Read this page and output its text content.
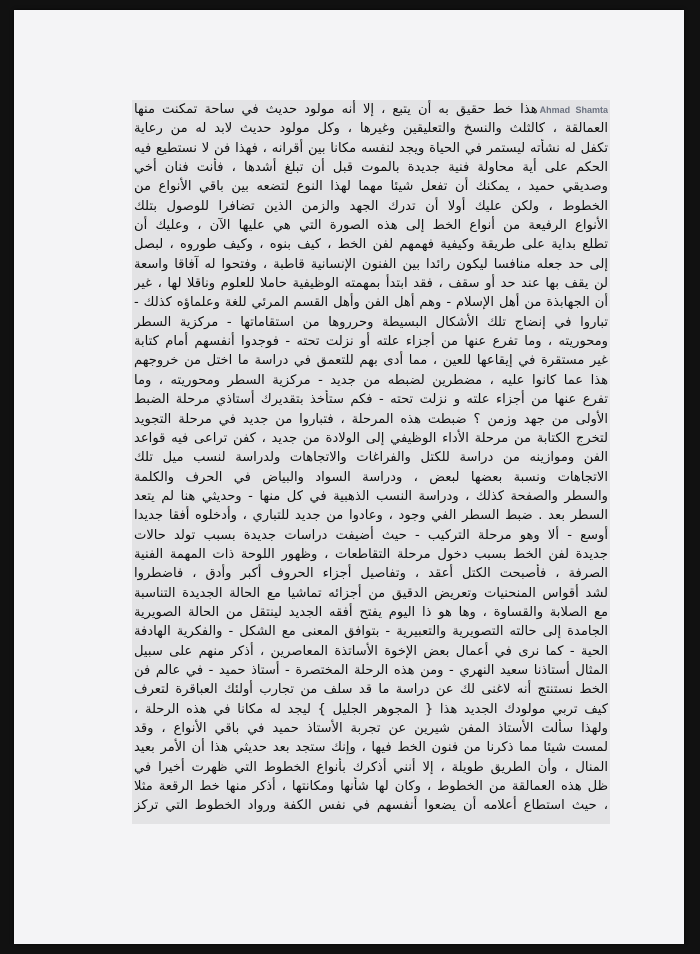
Ahmad Shamtaهذا خط حقيق به أن يتبع ، إلا أنه مولود حديث في ساحة تمكنت منها
العمالقة ، كالثلث والنسخ والتعليقين وغيرها ، وكل مولود حديث لابد له من رعاية
تكفل له نشأته ليستمر في الحياة ويجد لنفسه مكانا بين أقرانه ، فهذا فن لا نستطيع فيه
الحكم على أية محاولة فنية جديدة بالموت قبل أن تبلغ أشدها ، فأنت فنان أخي
وصديقي حميد ، يمكنك أن تفعل شيئا مهما لهذا النوع لتضعه بين باقي الأنواع من
الخطوط ، ولكن عليك أولا أن تدرك الجهد والزمن الذين تضافرا للوصول بتلك
الأنواع الرفيعة من أنواع الخط إلى هذه الصورة التي هي عليها الآن ، وعليك أن
تطلع بداية على طريقة وكيفية فهمهم لفن الخط ، كيف بنوه ، وكيف طوروه ، لبصل
إلى حد جعله منافسا ليكون رائدا بين الفنون الإنسانية قاطبة ، وفتحوا له آفاقا واسعة
لن يقف بها عند حد أو سقف ، فقد ابتدأ بمهمته الوظيفية حاملا للعلوم وناقلا لها ، غير
أن الجهابذة من أهل الإسلام - وهم أهل الفن وأهل القسم المرئي للغة وعلماؤه كذلك -
تباروا في إنضاج تلك الأشكال البسيطة وحرروها من استقاماتها - مركزية السطر
ومحوريته ، وما تفرع عنها من أجزاء علته أو نزلت تحته - فوجدوا أنفسهم أمام كتابة
غير مستقرة في إيقاعها للعين ، مما أدى بهم للتعمق في دراسة ما اختل من خروجهم
هذا عما كانوا عليه ، مضطرين لضبطه من جديد - مركزية السطر ومحوريته ، وما
تفرع عنها من أجزاء علته و نزلت تحته - فكم ستأخذ بتقديرك أستاذي مرحلة الضبط
الأولى من جهد وزمن ؟ ضبطت هذه المرحلة ، فتباروا من جديد في مرحلة التجويد
لتخرج الكتابة من مرحلة الأداء الوظيفي إلى الولادة من جديد ، كفن تراعى فيه قواعد
الفن وموازينه من دراسة للكتل والفراغات والاتجاهات ولدراسة لنسب ميل تلك
الاتجاهات ونسبة بعضها لبعض ، ودراسة السواد والبياض في الحرف والكلمة
والسطر والصفحة كذلك ، ودراسة النسب الذهبية في كل منها - وحديثي هنا لم يتعد
السطر بعد . ضبط السطر الفي وجود ، وعادوا من جديد للتباري ، وأدخلوه أفقا جديدا
أوسع - ألا وهو مرحلة التركيب - حيث أضيفت دراسات جديدة بسبب تولد حالات
جديدة لفن الخط بسبب دخول مرحلة التقاطعات ، وظهور اللوحة ذات المهمة الفنية
الصرفة ، فأصبحت الكتل أعقد ، وتفاصيل أجزاء الحروف أكبر وأدق ، فاضطروا
لشد أقواس المنحنيات وتعريض الدقيق من أجزائه تماشيا مع الحالة الجديدة التناسبة
مع الصلابة والقساوة ، وها هو ذا اليوم يفتح أفقه الجديد لينتقل من الحالة الصويرية
الجامدة إلى حالته التصويرية والتعبيرية - بتوافق المعنى مع الشكل - والفكرية الهادفة
الحية - كما نرى في أعمال بعض الإخوة الأساتذة المعاصرين ، أذكر منهم على سبيل
المثال أستاذنا سعيد النهري - ومن هذه الرحلة المختصرة - أستاذ حميد - في عالم فن
الخط نستنتج أنه لاغنى لك عن دراسة ما قد سلف من تجارب أولئك العباقرة لتعرف
كيف تربي مولودك الجديد هذا { المجوهر الجليل } ليجد له مكانا في هذه الرحلة ،
ولهذا سألت الأستاذ المفن شيرين عن تجربة الأستاذ حميد في باقي الأنواع ، وقد
لمست شيئا مما ذكرنا من فنون الخط فيها ، وإنك ستجد بعد حديثي هذا أن الأمر بعيد
المنال ، وأن الطريق طويلة ، إلا أنني أذكرك بأنواع الخطوط التي ظهرت أخيرا في
ظل هذه العمالقة من الخطوط ، وكان لها شأنها ومكانتها ، أذكر منها خط الرقعة مثلا
، حيث استطاع أعلامه أن يضعوا أنفسهم في نفس الكفة ورواد الخطوط التي تركز
